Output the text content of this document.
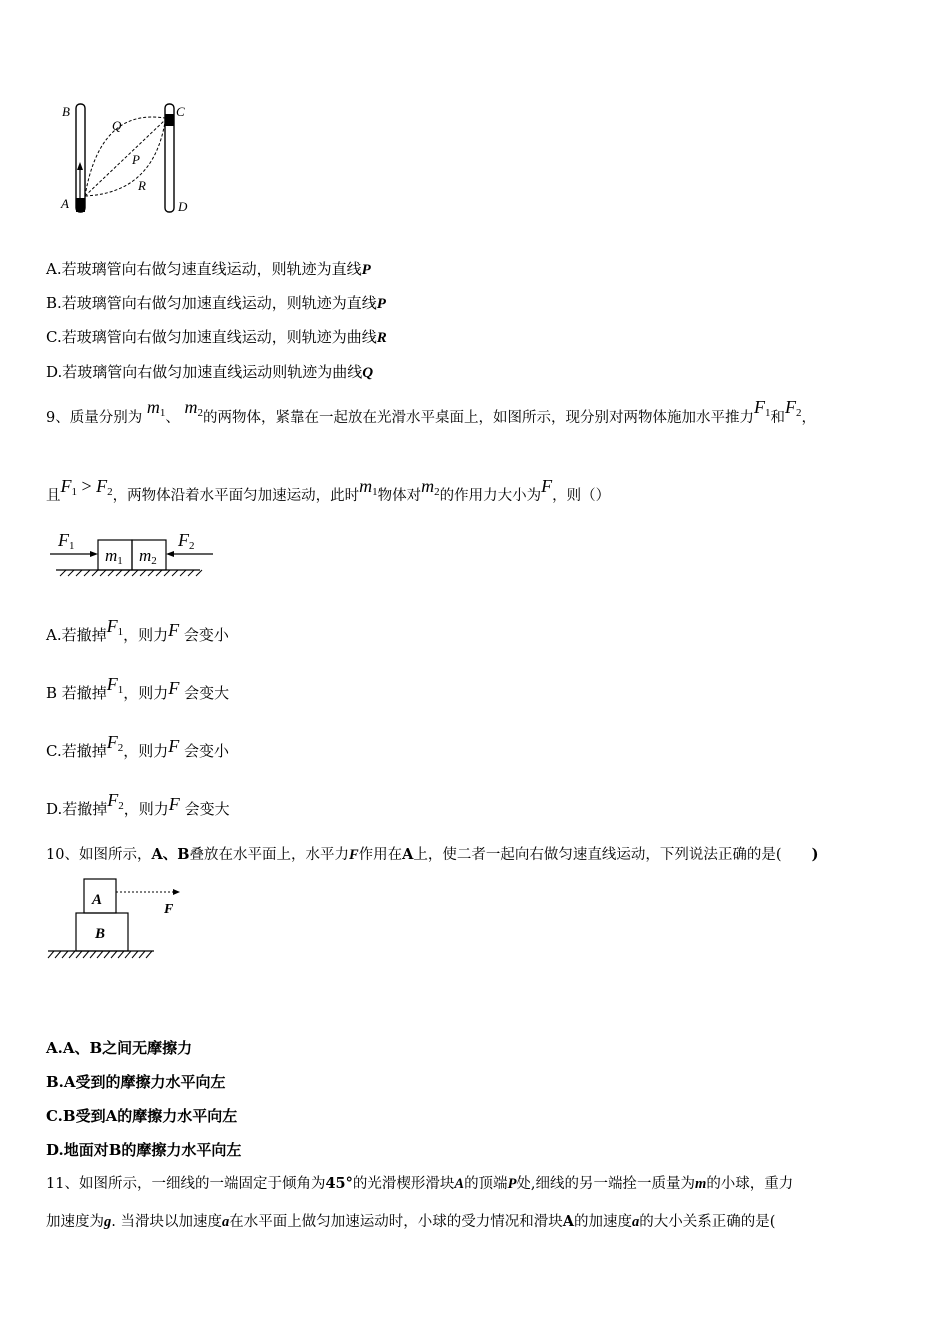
B
Q
C
P
R
A	D
A.若玻璃管向右做匀速直线运动，则轨迹为直线P
B.若玻璃管向右做匀加速直线运动，则轨迹为直线P
C.若玻璃管向右做匀加速直线运动，则轨迹为曲线R
D.若玻璃管向右做匀加速直线运动则轨迹为曲线Q
9、质量分别为 $m_1$、 $m_2$的两物体，紧靠在一起放在光滑水平桌面上，如图所示，现分别对两物体施加水平推力$F_1$和$F_2$，
且$F_1 > F_2$，两物体沿着水平面匀加速运动，此时$m_1$物体对$m_2$的作用力大小为F，则（）
m1 m2
F1	F2
A.若撤掉$F_1$，则力F 会变小
B 若撤掉$F_1$，则力F 会变大
C.若撤掉$F_2$，则力F 会变小
D.若撤掉$F_2$，则力F 会变大
10、如图所示，A、B叠放在水平面上，水平力F作用在A上，使二者一起向右做匀速直线运动，下列说法正确的是( )
A
B
F
A.A、B之间无摩擦力
B.A受到的摩擦力水平向左
C.B受到A的摩擦力水平向左
D.地面对B的摩擦力水平向左
11、如图所示，一细线的一端固定于倾角为45°的光滑楔形滑块A的顶端P处,细线的另一端拴一质量为m的小球，重力
加速度为g. 当滑块以加速度a在水平面上做匀加速运动时，小球的受力情况和滑块A的加速度a的大小关系正确的是(
